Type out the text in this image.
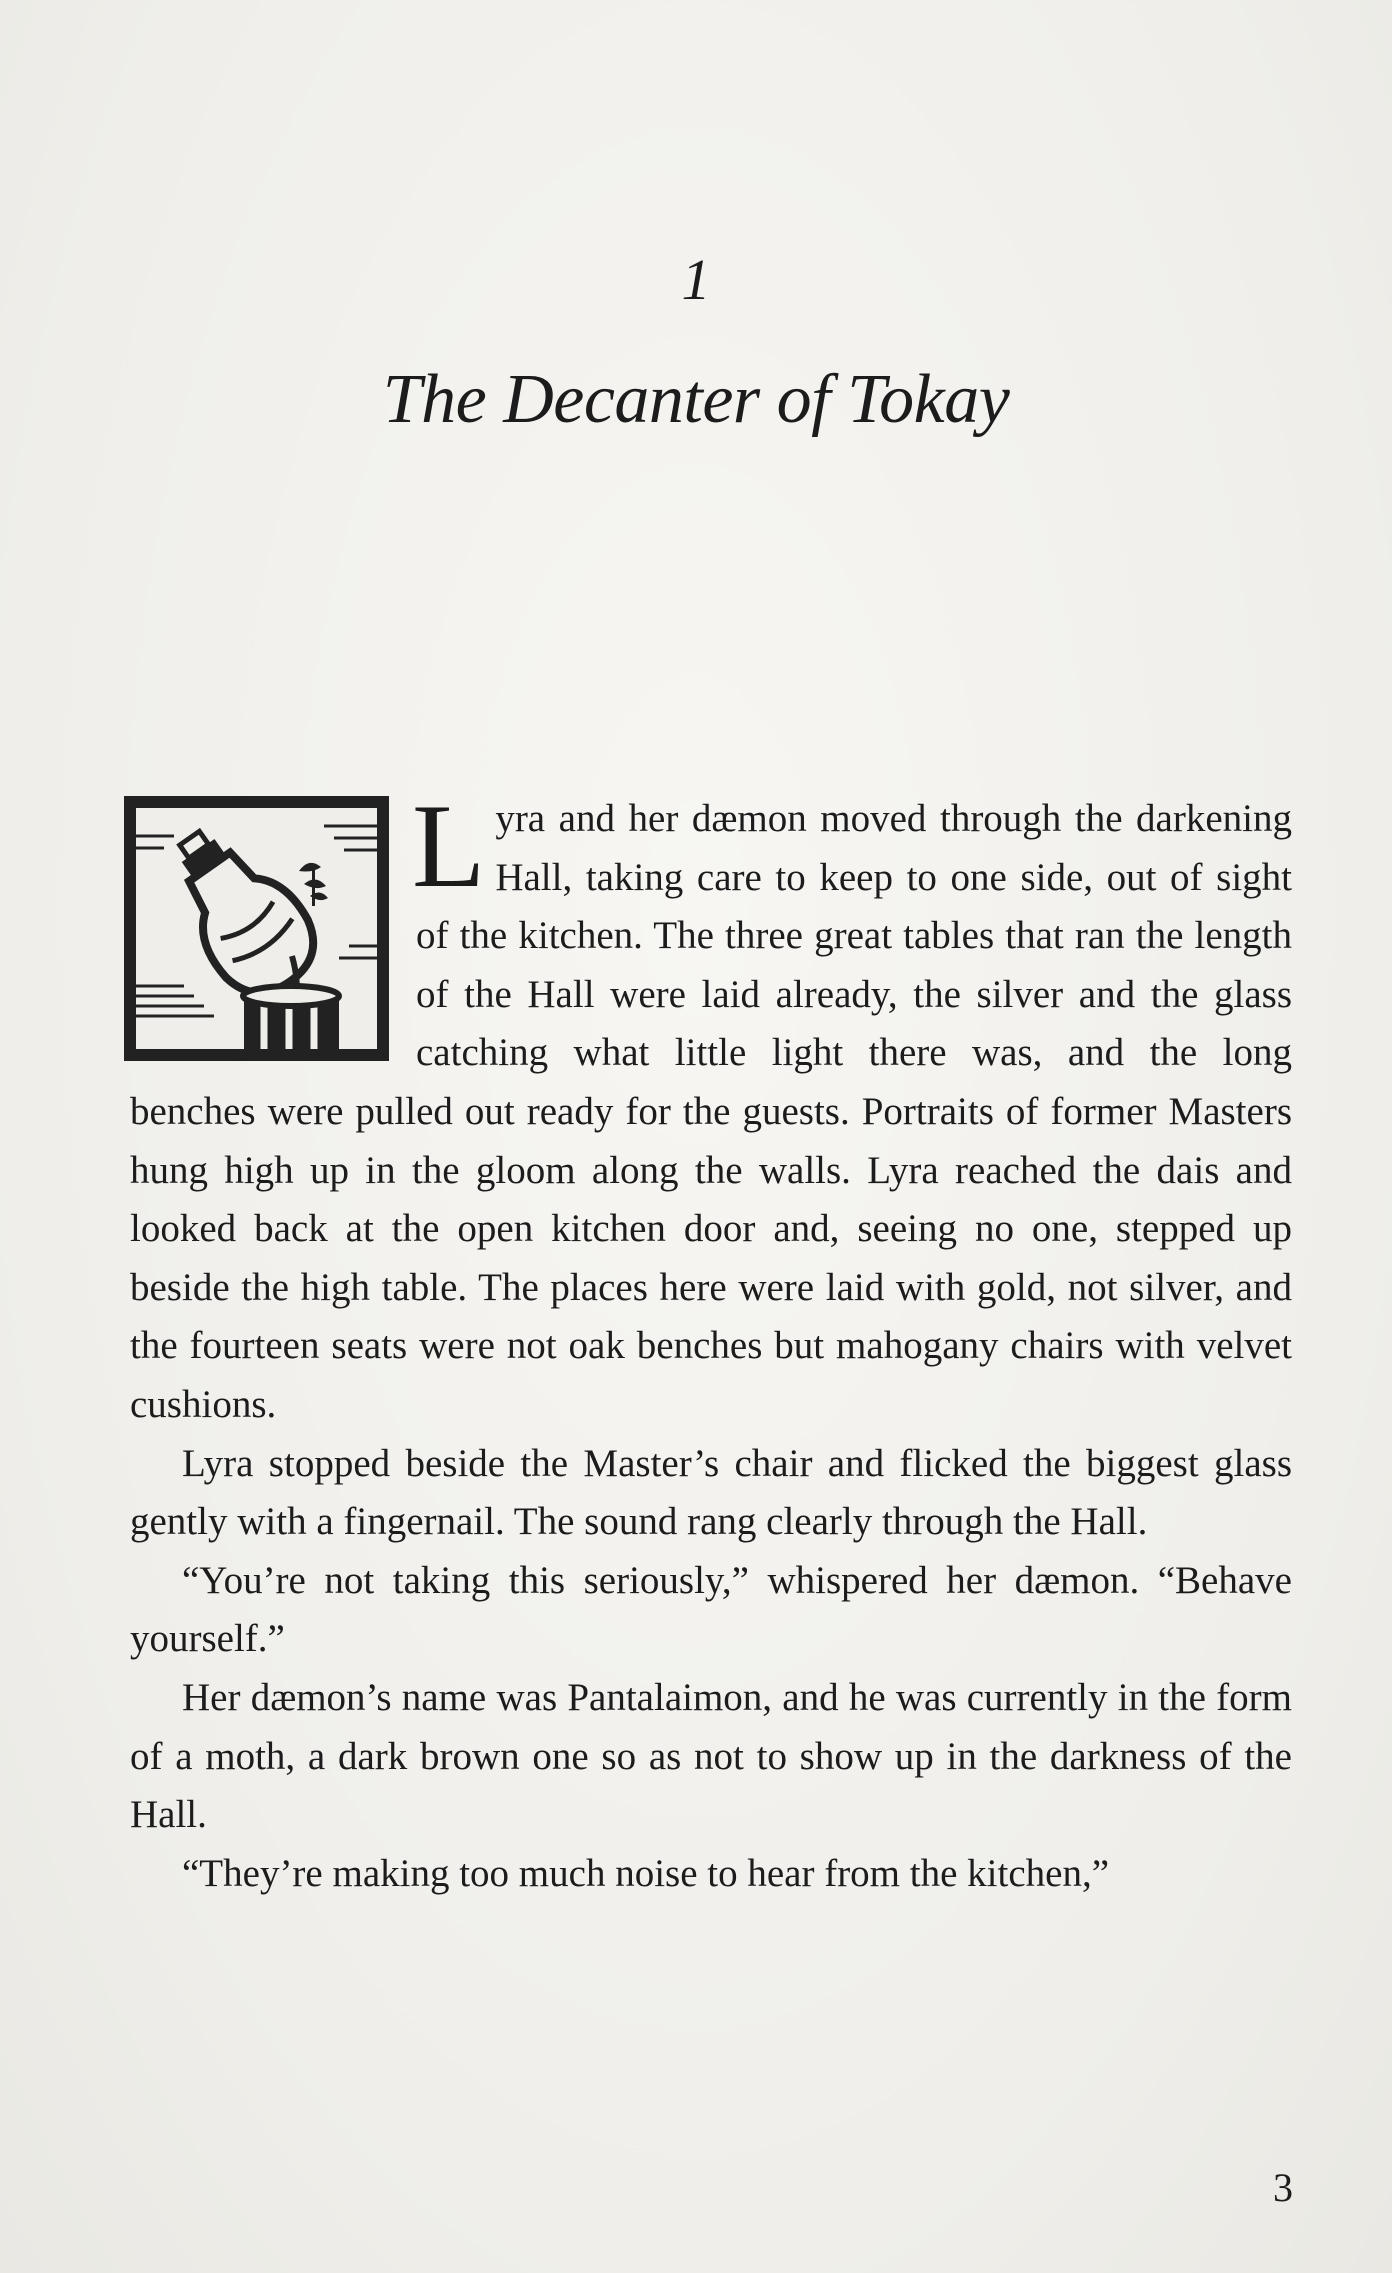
1
The Decanter of Tokay

Lyra and her dæmon moved through the darkening Hall, taking care to keep to one side, out of sight of the kitchen. The three great tables that ran the length of the Hall were laid already, the silver and the glass catching what little light there was, and the long benches were pulled out ready for the guests. Portraits of former Masters hung high up in the gloom along the walls. Lyra reached the dais and looked back at the open kitchen door and, seeing no one, stepped up beside the high table. The places here were laid with gold, not silver, and the fourteen seats were not oak benches but mahogany chairs with velvet cushions.

Lyra stopped beside the Master’s chair and flicked the biggest glass gently with a fingernail. The sound rang clearly through the Hall.

“You’re not taking this seriously,” whispered her dæmon. “Behave yourself.”

Her dæmon’s name was Pantalaimon, and he was currently in the form of a moth, a dark brown one so as not to show up in the darkness of the Hall.

“They’re making too much noise to hear from the kitchen,”

3
